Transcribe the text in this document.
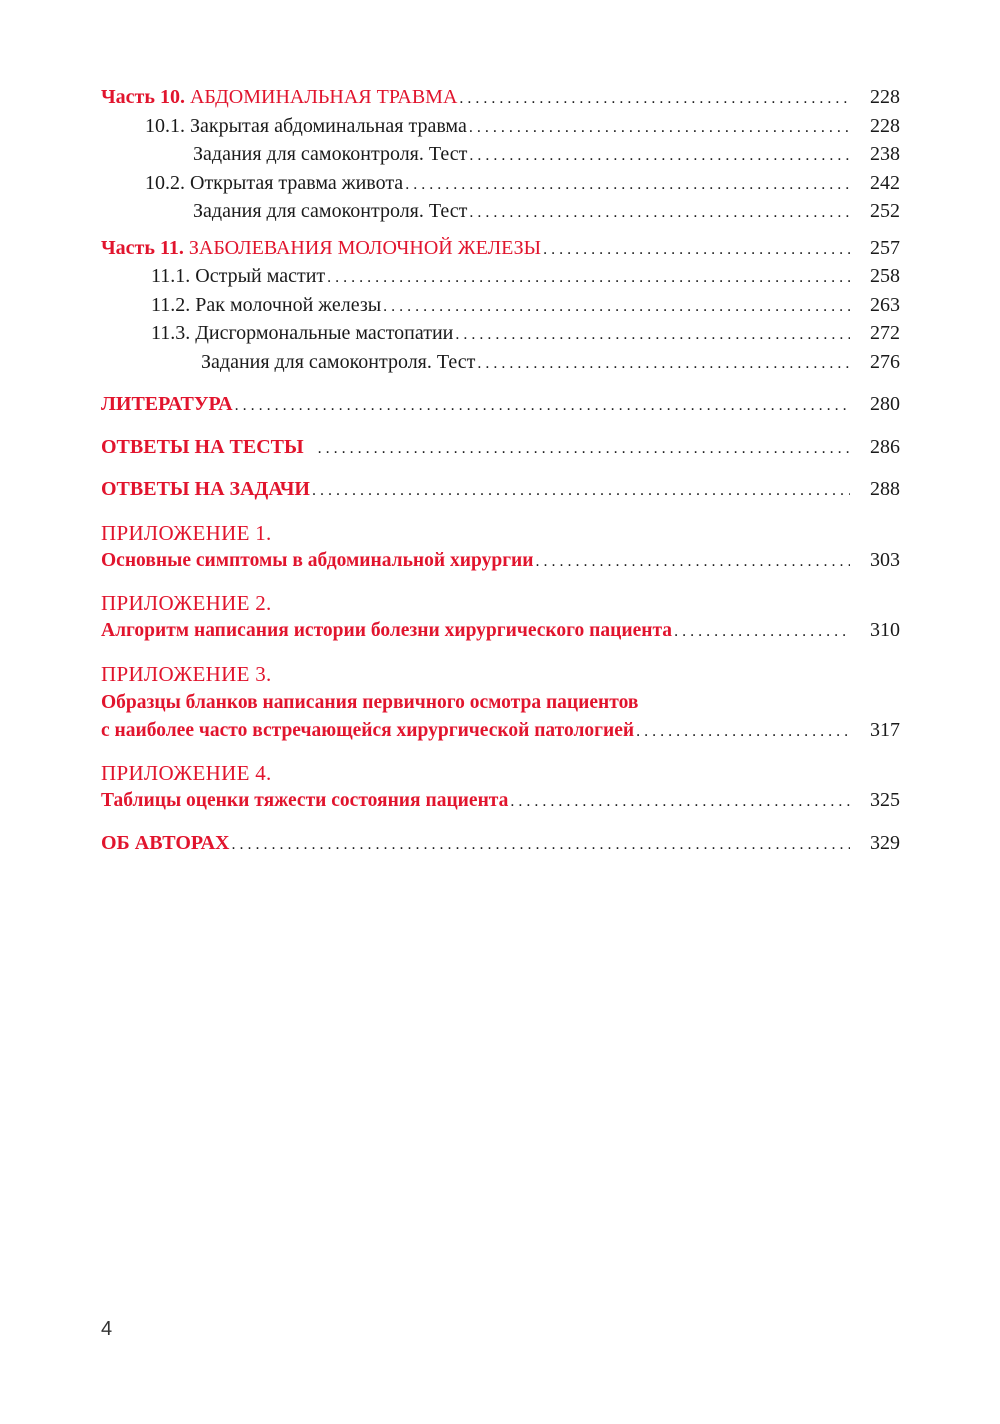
Часть 10. АБДОМИНАЛЬНАЯ ТРАВМА . . .	228
10.1. Закрытая абдоминальная травма . . .	228
Задания для самоконтроля. Тест . . .	238
10.2. Открытая травма живота . . .	242
Задания для самоконтроля. Тест . . .	252
Часть 11. ЗАБОЛЕВАНИЯ МОЛОЧНОЙ ЖЕЛЕЗЫ . . .	257
11.1. Острый мастит . . .	258
11.2. Рак молочной железы . . .	263
11.3. Дисгормональные мастопатии . . .	272
Задания для самоконтроля. Тест . . .	276
ЛИТЕРАТУРА . . .	280
ОТВЕТЫ НА ТЕСТЫ . . .	286
ОТВЕТЫ НА ЗАДАЧИ . . .	288
ПРИЛОЖЕНИЕ 1.
Основные симптомы в абдоминальной хирургии . . .	303
ПРИЛОЖЕНИЕ 2.
Алгоритм написания истории болезни хирургического пациента . . .	310
ПРИЛОЖЕНИЕ 3.
Образцы бланков написания первичного осмотра пациентов
с наиболее часто встречающейся хирургической патологией . . .	317
ПРИЛОЖЕНИЕ 4.
Таблицы оценки тяжести состояния пациента . . .	325
ОБ АВТОРАХ . . .	329
4
